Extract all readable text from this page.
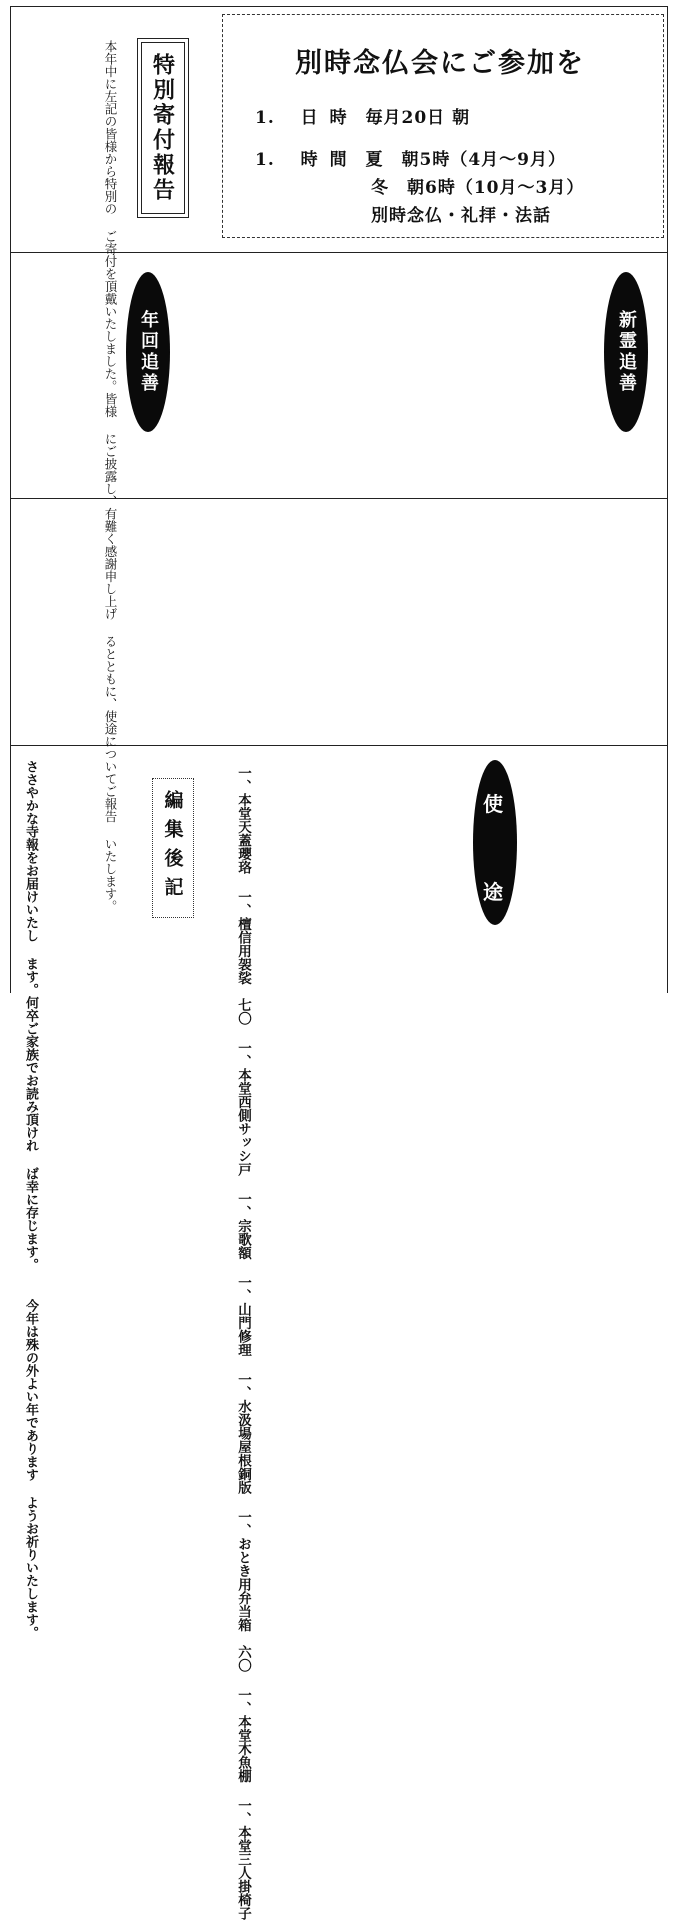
別時念仏会にご参加を
1. 日時 毎月20日 朝
1. 時間 夏　朝5時（4月～9月）
冬　朝6時（10月～3月）
別時念仏・礼拝・法話
特別寄付報告
本年中に左記の皆様から特別の ご寄付を頂戴いたしました。皆様 にご披露し、有難く感謝申し上げ るとともに、使途についてご報告 いたします。
年回追善	新霊追善
使
途
一、本堂天蓋瓔珞 一、檀信用袈裟　七〇 一、本堂西側サッシ戸 一、宗歌額 一、山門修理 一、水汲場屋根銅版 一、おとき用弁当箱　六〇 一、本堂木魚棚 一、本堂三人掛椅子
編集後記
ささやかな寺報をお届けいたし ます。何卒ご家族でお読み頂けれ ば幸に存じます。 　今年は殊の外よい年であります ようお祈りいたします。
